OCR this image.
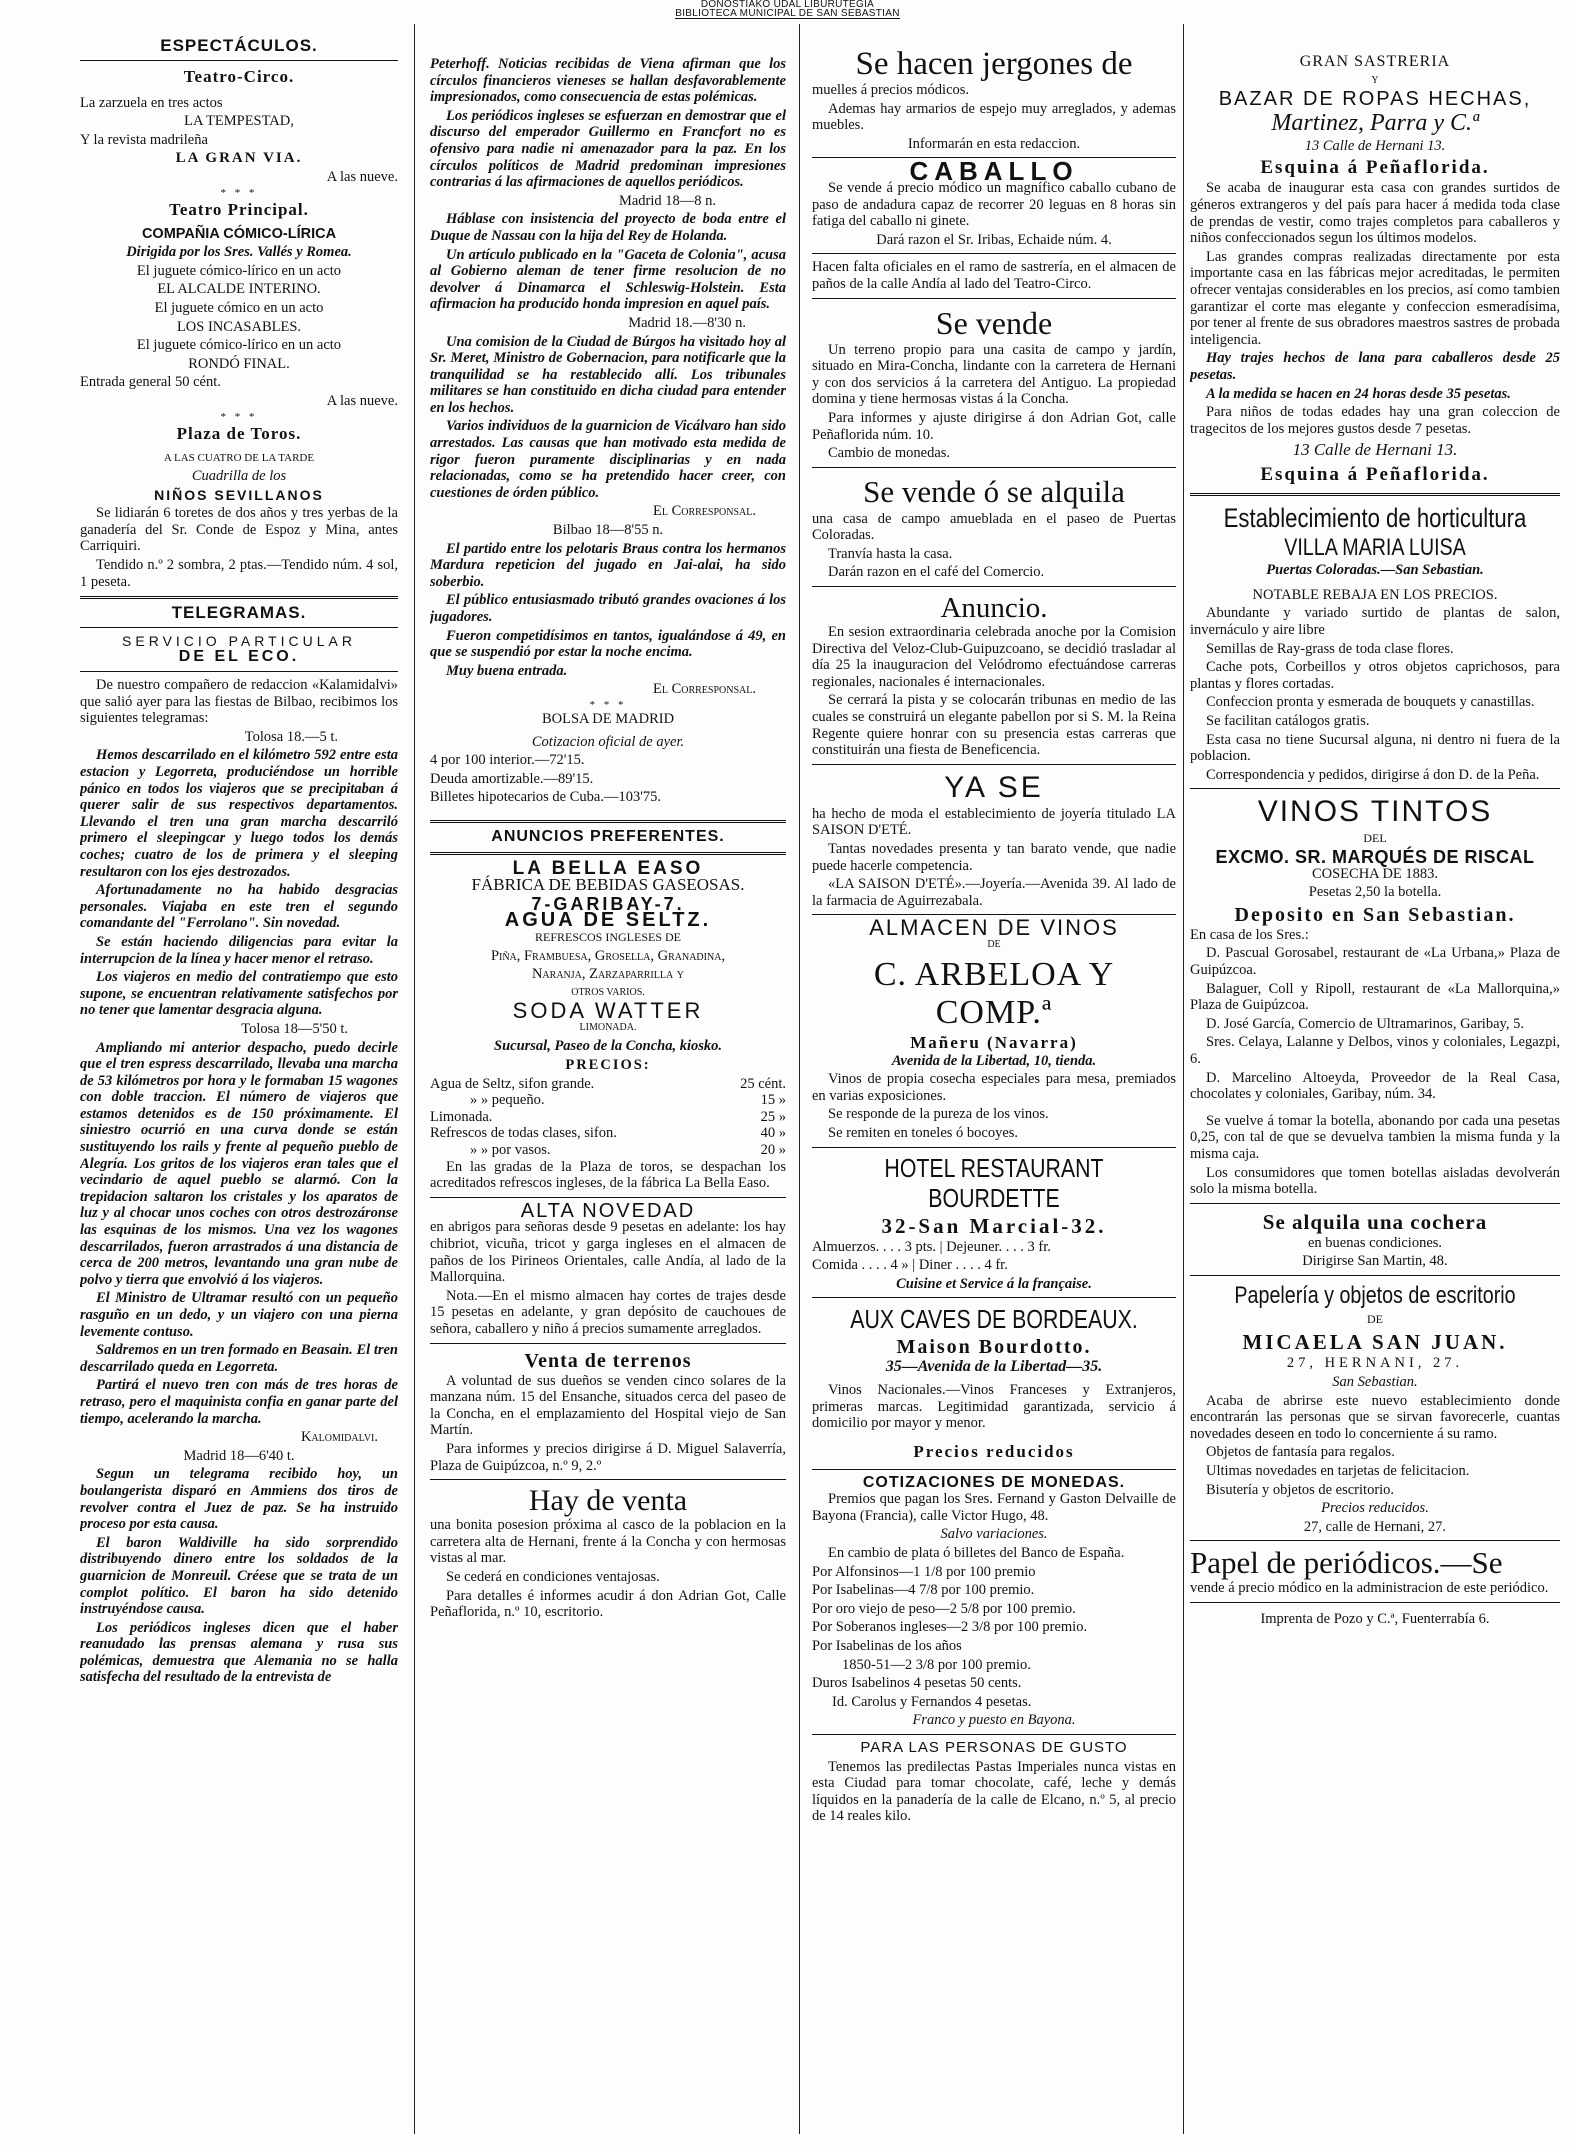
DONOSTIAKO UDAL LIBURUTEGIA
BIBLIOTECA MUNICIPAL DE SAN SEBASTIAN
ESPECTÁCULOS.
Teatro-Circo.

La zarzuela en tres actos

LA TEMPESTAD,

Y la revista madrileña

LA GRAN VIA.

A las nueve.

* * *
Teatro Principal.

COMPAÑIA CÓMICO-LÍRICA

Dirigida por los Sres. Vallés y Romea.

El juguete cómico-lírico en un acto

EL ALCALDE INTERINO.

El juguete cómico en un acto

LOS INCASABLES.

El juguete cómico-lírico en un acto

RONDÓ FINAL.

Entrada general 50 cént.

A las nueve.

* * *
Plaza de Toros.

A LAS CUATRO DE LA TARDE

Cuadrilla de los

NIÑOS SEVILLANOS

Se lidiarán 6 toretes de dos años y tres yerbas de la ganadería del Sr. Conde de Espoz y Mina, antes Carriquiri.

Tendido n.º 2 sombra, 2 ptas.—Tendido núm. 4 sol, 1 peseta.

TELEGRAMAS.
SERVICIO PARTICULAR
DE EL ECO.

De nuestro compañero de redaccion «Kalamidalvi» que salió ayer para las fiestas de Bilbao, recibimos los siguientes telegramas:

Tolosa 18.—5 t.

Hemos descarrilado en el kilómetro 592 entre esta estacion y Legorreta, produciéndose un horrible pánico en todos los viajeros que se precipitaban á querer salir de sus respectivos departamentos. Llevando el tren una gran marcha descarriló primero el sleepingcar y luego todos los demás coches; cuatro de los de primera y el sleeping resultaron con los ejes destrozados.

Afortunadamente no ha habido desgracias personales. Viajaba en este tren el segundo comandante del "Ferrolano". Sin novedad.

Se están haciendo diligencias para evitar la interrupcion de la línea y hacer menor el retraso.

Los viajeros en medio del contratiempo que esto supone, se encuentran relativamente satisfechos por no tener que lamentar desgracia alguna.

Tolosa 18—5'50 t.

Ampliando mi anterior despacho, puedo decirle que el tren espress descarrilado, llevaba una marcha de 53 kilómetros por hora y le formaban 15 wagones con doble traccion. El número de viajeros que estamos detenidos es de 150 próximamente. El siniestro ocurrió en una curva donde se están sustituyendo los rails y frente al pequeño pueblo de Alegría. Los gritos de los viajeros eran tales que el vecindario de aquel pueblo se alarmó. Con la trepidacion saltaron los cristales y los aparatos de luz y al chocar unos coches con otros destrozáronse las esquinas de los mismos. Una vez los wagones descarrilados, fueron arrastrados á una distancia de cerca de 200 metros, levantando una gran nube de polvo y tierra que envolvió á los viajeros.

El Ministro de Ultramar resultó con un pequeño rasguño en un dedo, y un viajero con una pierna levemente contuso.

Saldremos en un tren formado en Beasain. El tren descarrilado queda en Legorreta.

Partirá el nuevo tren con más de tres horas de retraso, pero el maquinista confia en ganar parte del tiempo, acelerando la marcha.

Kalomidalvi.

Madrid 18—6'40 t.

Segun un telegrama recibido hoy, un boulangerista disparó en Ammiens dos tiros de revolver contra el Juez de paz. Se ha instruido proceso por esta causa.

El baron Waldiville ha sido sorprendido distribuyendo dinero entre los soldados de la guarnicion de Monreuil. Créese que se trata de un complot político. El baron ha sido detenido instruyéndose causa.

Los periódicos ingleses dicen que el haber reanudado las prensas alemana y rusa sus polémicas, demuestra que Alemania no se halla satisfecha del resultado de la entrevista de

Peterhoff. Noticias recibidas de Viena afirman que los círculos financieros vieneses se hallan desfavorablemente impresionados, como consecuencia de estas polémicas.

Los periódicos ingleses se esfuerzan en demostrar que el discurso del emperador Guillermo en Francfort no es ofensivo para nadie ni amenazador para la paz. En los círculos políticos de Madrid predominan impresiones contrarias á las afirmaciones de aquellos periódicos.

Madrid 18—8 n.

Háblase con insistencia del proyecto de boda entre el Duque de Nassau con la hija del Rey de Holanda.

Un artículo publicado en la "Gaceta de Colonia", acusa al Gobierno aleman de tener firme resolucion de no devolver á Dinamarca el Schleswig-Holstein. Esta afirmacion ha producido honda impresion en aquel país.

Madrid 18.—8'30 n.

Una comision de la Ciudad de Búrgos ha visitado hoy al Sr. Meret, Ministro de Gobernacion, para notificarle que la tranquilidad se ha restablecido allí. Los tribunales militares se han constituido en dicha ciudad para entender en los hechos.

Varios individuos de la guarnicion de Vicálvaro han sido arrestados. Las causas que han motivado esta medida de rigor fueron puramente disciplinarias y en nada relacionadas, como se ha pretendido hacer creer, con cuestiones de órden público.

El Corresponsal.

Bilbao 18—8'55 n.

El partido entre los pelotaris Braus contra los hermanos Mardura repeticion del jugado en Jai-alai, ha sido soberbio.

El público entusiasmado tributó grandes ovaciones á los jugadores.

Fueron competidísimos en tantos, igualándose á 49, en que se suspendió por estar la noche encima.

Muy buena entrada.

El Corresponsal.

* * *

BOLSA DE MADRID

Cotizacion oficial de ayer.

4 por 100 interior.—72'15.

Deuda amortizable.—89'15.

Billetes hipotecarios de Cuba.—103'75.

ANUNCIOS PREFERENTES.
LA BELLA EASO

FÁBRICA DE BEBIDAS GASEOSAS.

7-GARIBAY-7.
AGUA DE SELTZ.

REFRESCOS INGLESES DE

Piña, Frambuesa, Grosella, Granadina,

Naranja, Zarzaparrilla y

OTROS VARIOS.

SODA WATTER

LIMONADA.

Sucursal, Paseo de la Concha, kiosko.

PRECIOS:

Agua de Seltz, sifon grande.	25 cént.
» » pequeño.	15 »
Limonada.	25 »
Refrescos de todas clases, sifon.	40 »
» » por vasos.	20 »

En las gradas de la Plaza de toros, se despachan los acreditados refrescos ingleses, de la fábrica La Bella Easo.

ALTA NOVEDAD

en abrigos para señoras desde 9 pesetas en adelante: los hay chibriot, vicuña, tricot y garga ingleses en el almacen de paños de los Pirineos Orientales, calle Andía, al lado de la Mallorquina.

Nota.—En el mismo almacen hay cortes de trajes desde 15 pesetas en adelante, y gran depósito de cauchoues de señora, caballero y niño á precios sumamente arreglados.

Venta de terrenos

A voluntad de sus dueños se venden cinco solares de la manzana núm. 15 del Ensanche, situados cerca del paseo de la Concha, en el emplazamiento del Hospital viejo de San Martín.

Para informes y precios dirigirse á D. Miguel Salaverría, Plaza de Guipúzcoa, n.º 9, 2.º

Hay de venta

una bonita posesion próxima al casco de la poblacion en la carretera alta de Hernani, frente á la Concha y con hermosas vistas al mar.

Se cederá en condiciones ventajosas.

Para detalles é informes acudir á don Adrian Got, Calle Peñaflorida, n.º 10, escritorio.

Se hacen jergones de

muelles á precios módicos.

Ademas hay armarios de espejo muy arreglados, y ademas muebles.

Informarán en esta redaccion.

CABALLO

Se vende á precio módico un magnífico caballo cubano de paso de andadura capaz de recorrer 20 leguas en 8 horas sin fatiga del caballo ni ginete.

Dará razon el Sr. Iribas, Echaide núm. 4.

Hacen falta oficiales en el ramo de sastrería, en el almacen de paños de la calle Andía al lado del Teatro-Circo.

Se vende

Un terreno propio para una casita de campo y jardín, situado en Mira-Concha, lindante con la carretera de Hernani y con dos servicios á la carretera del Antiguo. La propiedad domina y tiene hermosas vistas á la Concha.

Para informes y ajuste dirigirse á don Adrian Got, calle Peñaflorida núm. 10.

Cambio de monedas.

Se vende ó se alquila

una casa de campo amueblada en el paseo de Puertas Coloradas.

Tranvía hasta la casa.

Darán razon en el café del Comercio.

Anuncio.

En sesion extraordinaria celebrada anoche por la Comision Directiva del Veloz-Club-Guipuzcoano, se decidió trasladar al día 25 la inauguracion del Velódromo efectuándose carreras regionales, nacionales é internacionales.

Se cerrará la pista y se colocarán tribunas en medio de las cuales se construirá un elegante pabellon por si S. M. la Reina Regente quiere honrar con su presencia estas carreras que constituirán una fiesta de Beneficencia.

YA SE

ha hecho de moda el establecimiento de joyería titulado LA SAISON D'ETÉ.

Tantas novedades presenta y tan barato vende, que nadie puede hacerle competencia.

«LA SAISON D'ETÉ».—Joyería.—Avenida 39. Al lado de la farmacia de Aguirrezabala.

ALMACEN DE VINOS

DE

C. ARBELOA Y COMP.ª
Mañeru (Navarra)

Avenida de la Libertad, 10, tienda.

Vinos de propia cosecha especiales para mesa, premiados en varias exposiciones.

Se responde de la pureza de los vinos.

Se remiten en toneles ó bocoyes.

HOTEL RESTAURANT BOURDETTE
32-San Marcial-32.

Almuerzos. . . . 3 pts. | Dejeuner. . . . 3 fr.

Comida . . . . 4 » | Diner . . . . 4 fr.

Cuisine et Service á la française.

AUX CAVES DE BORDEAUX.
Maison Bourdotto.

35—Avenida de la Libertad—35.

Vinos Nacionales.—Vinos Franceses y Extranjeros, primeras marcas. Legitimidad garantizada, servicio á domicilio por mayor y menor.

Precios reducidos
COTIZACIONES DE MONEDAS.

Premios que pagan los Sres. Fernand y Gaston Delvaille de Bayona (Francia), calle Victor Hugo, 48.

Salvo variaciones.

En cambio de plata ó billetes del Banco de España.

Por Alfonsinos—1 1/8 por 100 premio

Por Isabelinas—4 7/8 por 100 premio.

Por oro viejo de peso—2 5/8 por 100 premio.

Por Soberanos ingleses—2 3/8 por 100 premio.

Por Isabelinas de los años

1850-51—2 3/8 por 100 premio.

Duros Isabelinos 4 pesetas 50 cents.

Id. Carolus y Fernandos 4 pesetas.

Franco y puesto en Bayona.

PARA LAS PERSONAS DE GUSTO

Tenemos las predilectas Pastas Imperiales nunca vistas en esta Ciudad para tomar chocolate, café, leche y demás líquidos en la panadería de la calle de Elcano, n.º 5, al precio de 14 reales kilo.

GRAN SASTRERIA

Y

BAZAR DE ROPAS HECHAS,
Martinez, Parra y C.ª

13 Calle de Hernani 13.

Esquina á Peñaflorida.

Se acaba de inaugurar esta casa con grandes surtidos de géneros extrangeros y del país para hacer á medida toda clase de prendas de vestir, como trajes completos para caballeros y niños confeccionados segun los últimos modelos.

Las grandes compras realizadas directamente por esta importante casa en las fábricas mejor acreditadas, le permiten ofrecer ventajas considerables en los precios, así como tambien garantizar el corte mas elegante y confeccion esmeradísima, por tener al frente de sus obradores maestros sastres de probada inteligencia.

Hay trajes hechos de lana para caballeros desde 25 pesetas.

A la medida se hacen en 24 horas desde 35 pesetas.

Para niños de todas edades hay una gran coleccion de tragecitos de los mejores gustos desde 7 pesetas.

13 Calle de Hernani 13.

Esquina á Peñaflorida.
Establecimiento de horticultura
VILLA MARIA LUISA

Puertas Coloradas.—San Sebastian.

NOTABLE REBAJA EN LOS PRECIOS.

Abundante y variado surtido de plantas de salon, invernáculo y aire libre

Semillas de Ray-grass de toda clase flores.

Cache pots, Corbeillos y otros objetos caprichosos, para plantas y flores cortadas.

Confeccion pronta y esmerada de bouquets y canastillas.

Se facilitan catálogos gratis.

Esta casa no tiene Sucursal alguna, ni dentro ni fuera de la poblacion.

Correspondencia y pedidos, dirigirse á don D. de la Peña.

VINOS TINTOS

DEL

EXCMO. SR. MARQUÉS DE RISCAL

COSECHA DE 1883.

Pesetas 2,50 la botella.

Deposito en San Sebastian.

En casa de los Sres.:

D. Pascual Gorosabel, restaurant de «La Urbana,» Plaza de Guipúzcoa.

Balaguer, Coll y Ripoll, restaurant de «La Mallorquina,» Plaza de Guipúzcoa.

D. José García, Comercio de Ultramarinos, Garibay, 5.

Sres. Celaya, Lalanne y Delbos, vinos y coloniales, Legazpi, 6.

D. Marcelino Altoeyda, Proveedor de la Real Casa, chocolates y coloniales, Garibay, núm. 34.

Se vuelve á tomar la botella, abonando por cada una pesetas 0,25, con tal de que se devuelva tambien la misma funda y la misma caja.

Los consumidores que tomen botellas aisladas devolverán solo la misma botella.

Se alquila una cochera

en buenas condiciones.

Dirigirse San Martin, 48.

Papelería y objetos de escritorio

DE

MICAELA SAN JUAN.

27, HERNANI, 27.

San Sebastian.

Acaba de abrirse este nuevo establecimiento donde encontrarán las personas que se sirvan favorecerle, cuantas novedades deseen en todo lo concerniente á su ramo.

Objetos de fantasía para regalos.

Ultimas novedades en tarjetas de felicitacion.

Bisutería y objetos de escritorio.

Precios reducidos.

27, calle de Hernani, 27.

Papel de periódicos.—Se

vende á precio módico en la administracion de este periódico.

Imprenta de Pozo y C.ª, Fuenterrabía 6.
